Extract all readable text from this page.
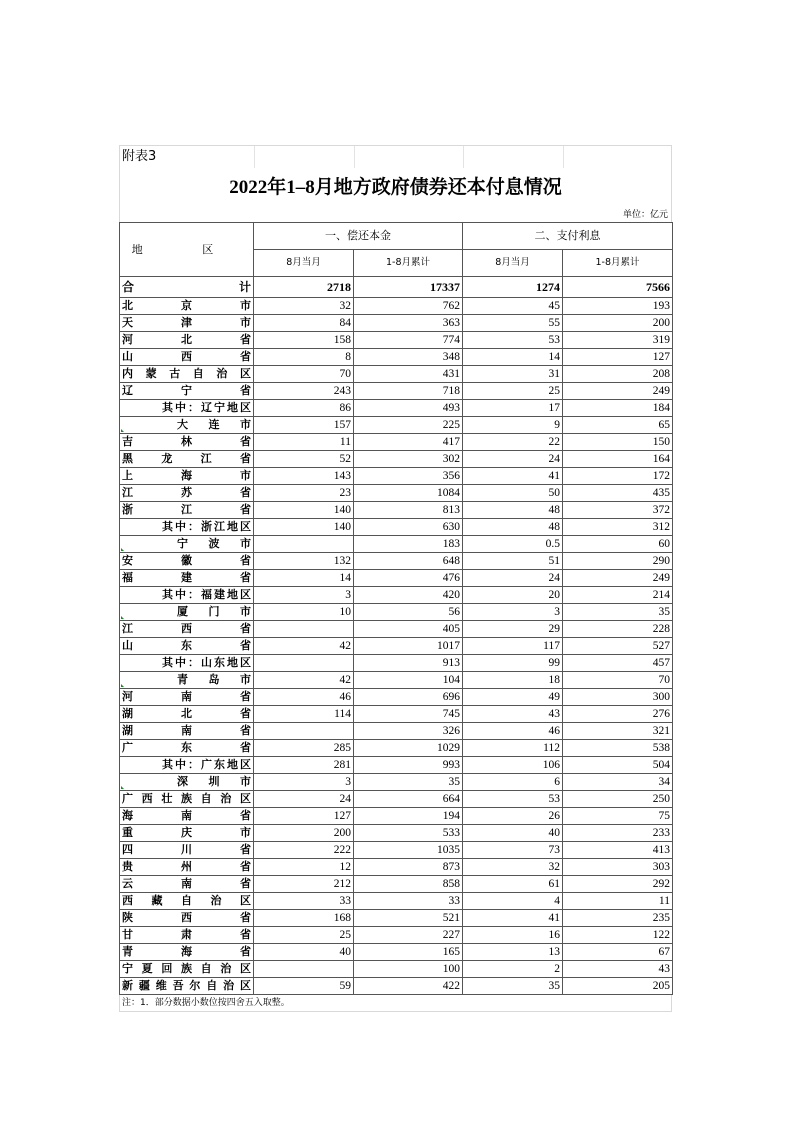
附表3
2022年1–8月地方政府债券还本付息情况
单位：亿元
地 区	一、偿还本金		二、支付利息	
	8月当月	1-8月累计	8月当月	1-8月累计

合计	2718	17337	1274	7566

北京市	32	762	45	193

天津市	84	363	55	200

河北省	158	774	53	319

山西省	8	348	14	127

内蒙古自治区	70	431	31	208

辽宁省	243	718	25	249

其中：辽宁地区	86	493	17	184

大连市	157	225	9	65

吉林省	11	417	22	150

黑龙江省	52	302	24	164

上海市	143	356	41	172

江苏省	23	1084	50	435

浙江省	140	813	48	372

其中：浙江地区	140	630	48	312

宁波市		183	0.5	60

安徽省	132	648	51	290

福建省	14	476	24	249

其中：福建地区	3	420	20	214

厦门市	10	56	3	35

江西省		405	29	228

山东省	42	1017	117	527

其中：山东地区		913	99	457

青岛市	42	104	18	70

河南省	46	696	49	300

湖北省	114	745	43	276

湖南省		326	46	321

广东省	285	1029	112	538

其中：广东地区	281	993	106	504

深圳市	3	35	6	34

广西壮族自治区	24	664	53	250

海南省	127	194	26	75

重庆市	200	533	40	233

四川省	222	1035	73	413

贵州省	12	873	32	303

云南省	212	858	61	292

西藏自治区	33	33	4	11

陕西省	168	521	41	235

甘肃省	25	227	16	122

青海省	40	165	13	67

宁夏回族自治区		100	2	43

新疆维吾尔自治区	59	422	35	205
注：1．部分数据小数位按四舍五入取整。
